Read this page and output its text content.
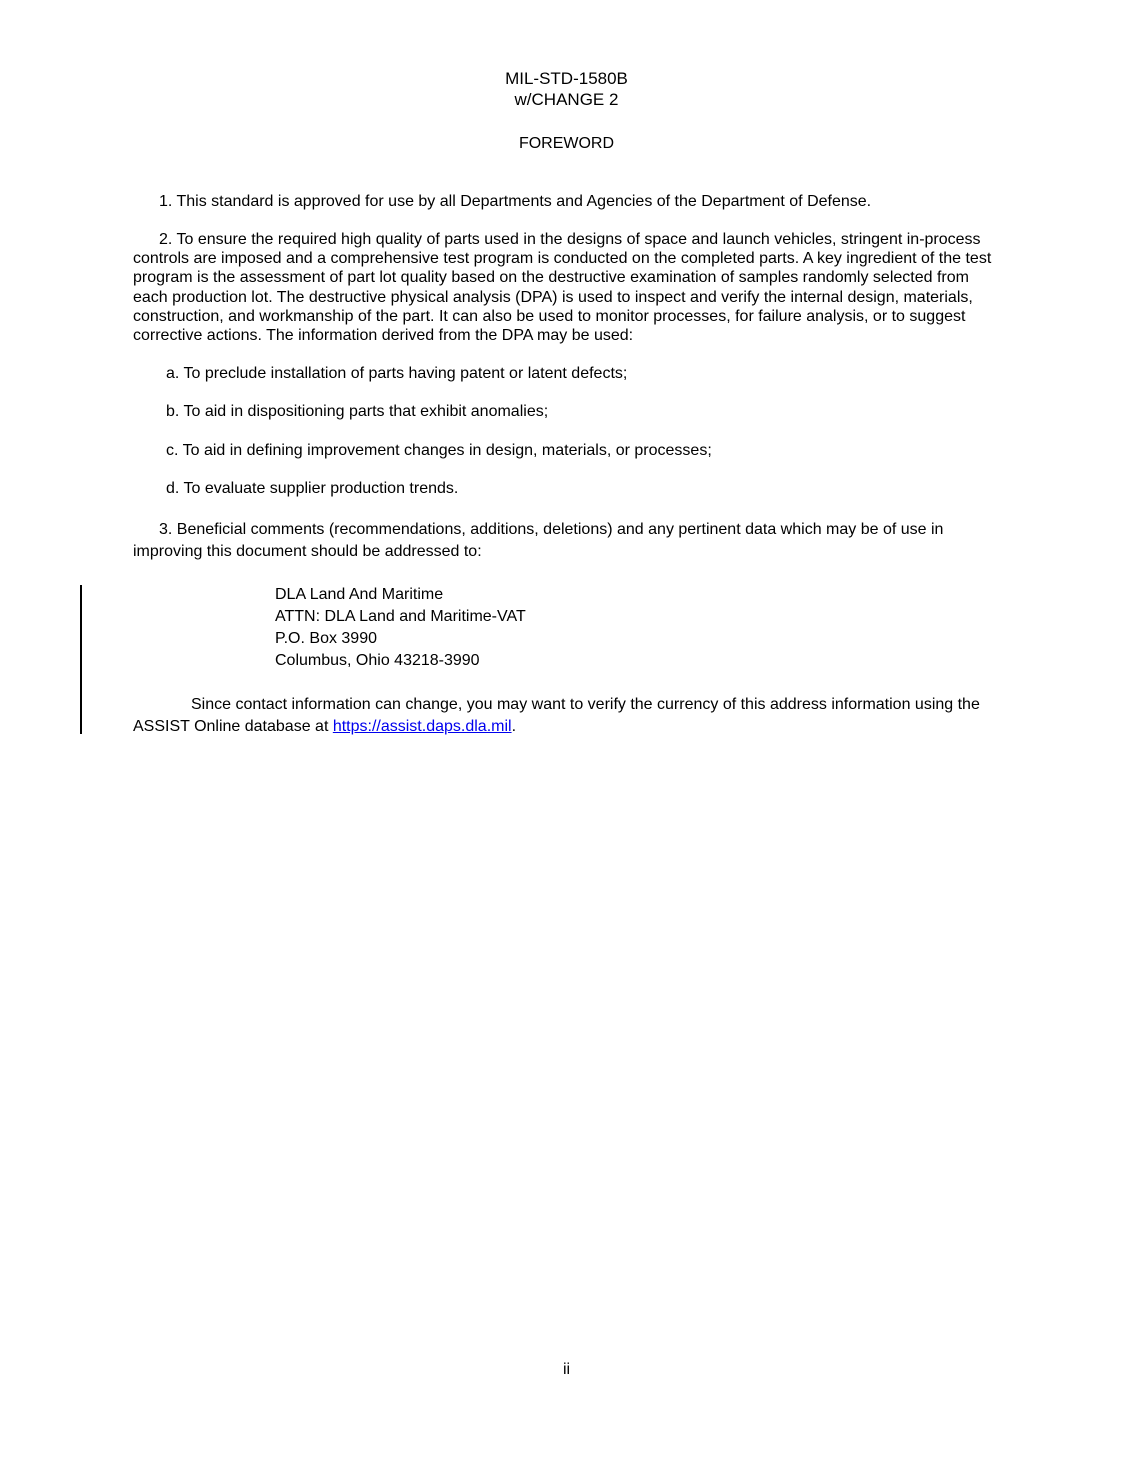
MIL-STD-1580B
w/CHANGE 2
FOREWORD
1. This standard is approved for use by all Departments and Agencies of the Department of Defense.
2. To ensure the required high quality of parts used in the designs of space and launch vehicles, stringent in-process controls are imposed and a comprehensive test program is conducted on the completed parts. A key ingredient of the test program is the assessment of part lot quality based on the destructive examination of samples randomly selected from each production lot. The destructive physical analysis (DPA) is used to inspect and verify the internal design, materials, construction, and workmanship of the part. It can also be used to monitor processes, for failure analysis, or to suggest corrective actions. The information derived from the DPA may be used:
a. To preclude installation of parts having patent or latent defects;
b. To aid in dispositioning parts that exhibit anomalies;
c. To aid in defining improvement changes in design, materials, or processes;
d. To evaluate supplier production trends.
3. Beneficial comments (recommendations, additions, deletions) and any pertinent data which may be of use in improving this document should be addressed to:
DLA Land And Maritime
ATTN: DLA Land and Maritime-VAT
P.O. Box 3990
Columbus, Ohio 43218-3990
Since contact information can change, you may want to verify the currency of this address information using the ASSIST Online database at https://assist.daps.dla.mil.
ii
